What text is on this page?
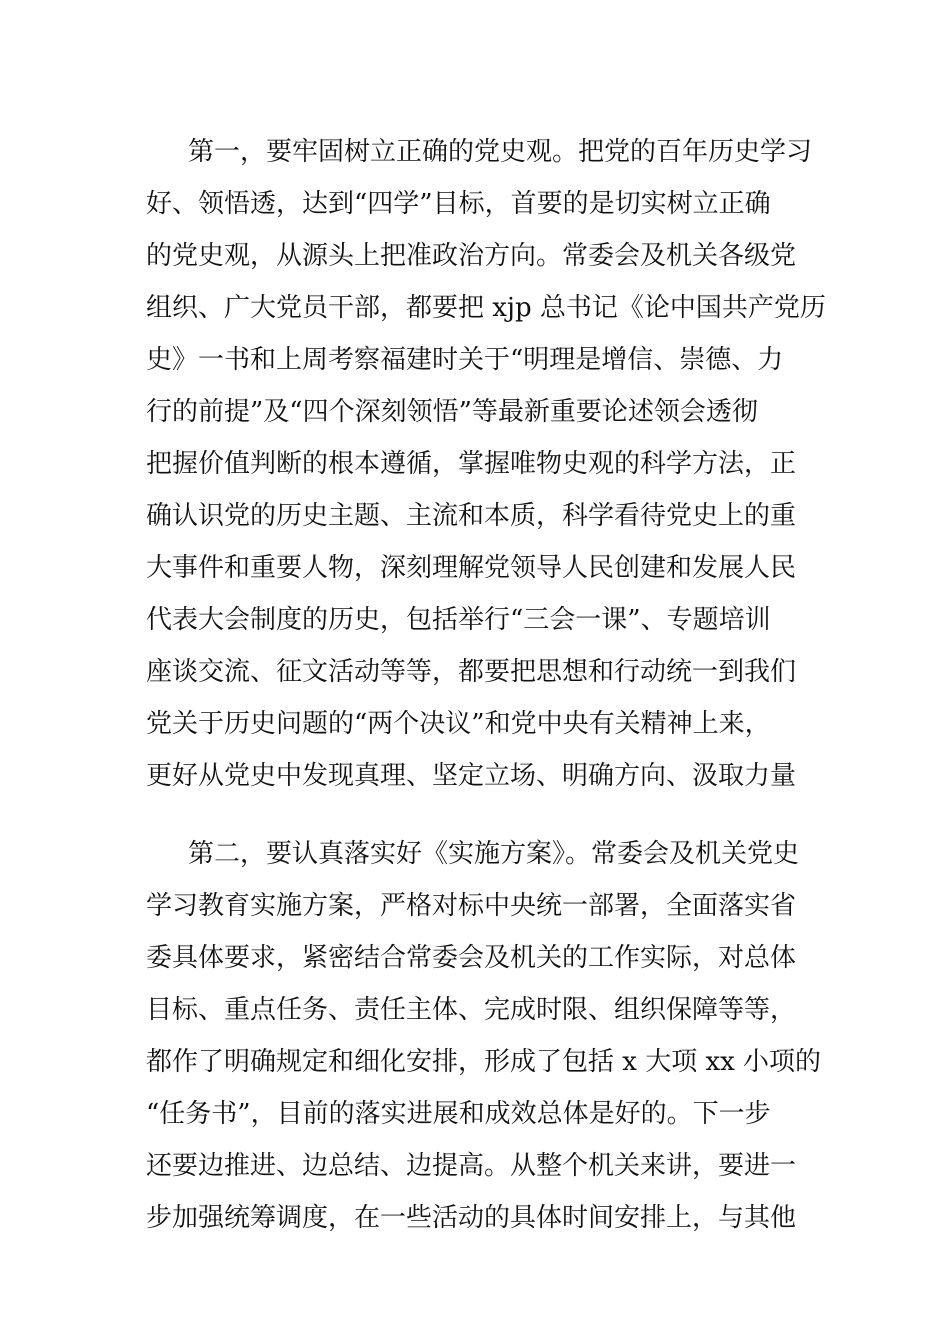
第一，要牢固树立正确的党史观。把党的百年历史学习
好、领悟透，达到“四学”目标，首要的是切实树立正确
的党史观，从源头上把准政治方向。常委会及机关各级党
组织、广大党员干部，都要把 xjp 总书记《论中国共产党历
史》一书和上周考察福建时关于“明理是增信、崇德、力
行的前提”及“四个深刻领悟”等最新重要论述领会透彻
把握价值判断的根本遵循，掌握唯物史观的科学方法，正
确认识党的历史主题、主流和本质，科学看待党史上的重
大事件和重要人物，深刻理解党领导人民创建和发展人民
代表大会制度的历史，包括举行“三会一课”、专题培训
座谈交流、征文活动等等，都要把思想和行动统一到我们
党关于历史问题的“两个决议”和党中央有关精神上来，
更好从党史中发现真理、坚定立场、明确方向、汲取力量
第二，要认真落实好《实施方案》。常委会及机关党史
学习教育实施方案，严格对标中央统一部署，全面落实省
委具体要求，紧密结合常委会及机关的工作实际，对总体
目标、重点任务、责任主体、完成时限、组织保障等等，
都作了明确规定和细化安排，形成了包括 x 大项 xx 小项的
“任务书”，目前的落实进展和成效总体是好的。下一步
还要边推进、边总结、边提高。从整个机关来讲，要进一
步加强统筹调度，在一些活动的具体时间安排上，与其他
